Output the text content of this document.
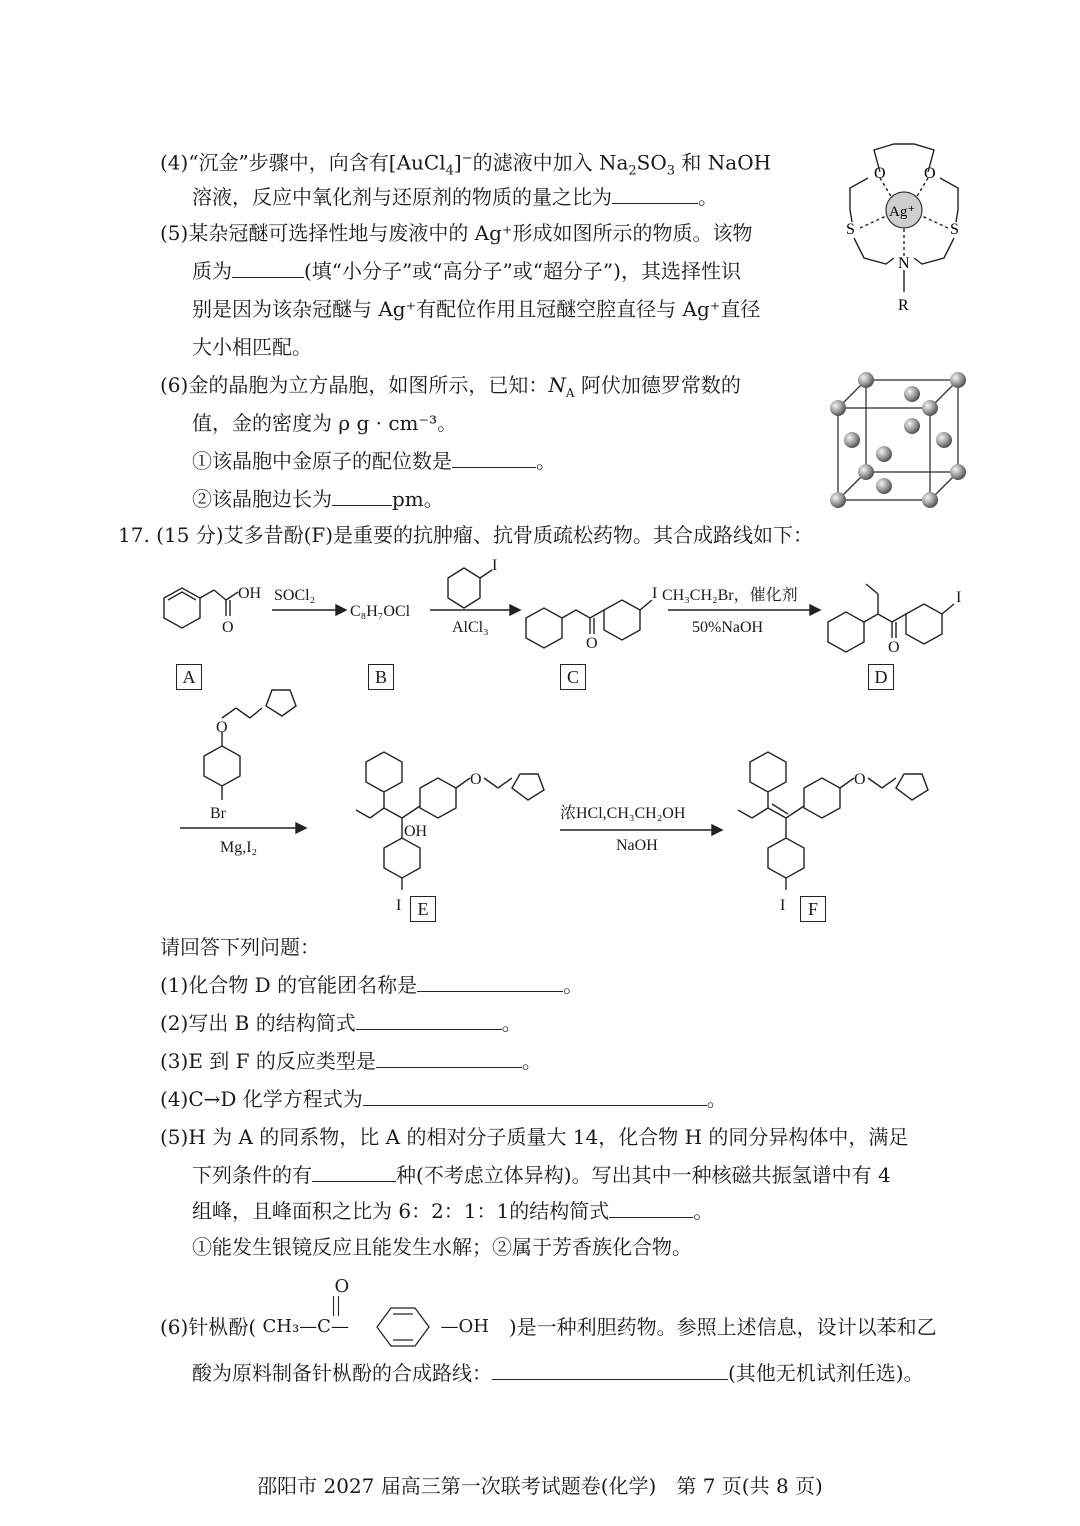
(4)“沉金”步骤中，向含有[AuCl$_4$]−的滤液中加入 $Na_2SO_3$ 和 NaOH
溶液，反应中氧化剂与还原剂的物质的量之比为	。
(5)某杂冠醚可选择性地与废液中的 Ag⁺形成如图所示的物质。该物
质为	(填“小分子”或“高分子”或“超分子”)，其选择性识
别是因为该杂冠醚与 Ag⁺有配位作用且冠醚空腔直径与 Ag⁺直径
大小相匹配。
O O
S	S
N
R
Ag⁺
(6)金的晶胞为立方晶胞，如图所示，已知：$N_A$ 阿伏加德罗常数的
值，金的密度为 ρ g · cm⁻³。
①该晶胞中金原子的配位数是	。
②该晶胞边长为	pm。
17. (15 分)艾多昔酚(F)是重要的抗肿瘤、抗骨质疏松药物。其合成路线如下：
OH
O
SOCl₂
C₈H₇OCl
I
AlCl₃
O
I CH₃CH₂Br，催化剂
50%NaOH
O
I
O
Br
Mg,I₂
OH
O
I
浓HCl,CH₃CH₂OH
NaOH
O
I
A	B	C	D
E	F
请回答下列问题：
(1)化合物 D 的官能团名称是	。
(2)写出 B 的结构简式	。
(3)E 到 F 的反应类型是	。
(4)C→D 化学方程式为	。
(5)H 为 A 的同系物，比 A 的相对分子质量大 14，化合物 H 的同分异构体中，满足
下列条件的有	种(不考虑立体异构)。写出其中一种核磁共振氢谱中有 4
组峰，且峰面积之比为 6：2：1：1的结构简式	。
①能发生银镜反应且能发生水解；②属于芳香族化合物。
(6)针枞酚( CH₃—C—
O
—OH )是一种利胆药物。参照上述信息，设计以苯和乙
酸为原料制备针枞酚的合成路线：	(其他无机试剂任选)。
邵阳市 2027 届高三第一次联考试题卷(化学)　第 7 页(共 8 页)
